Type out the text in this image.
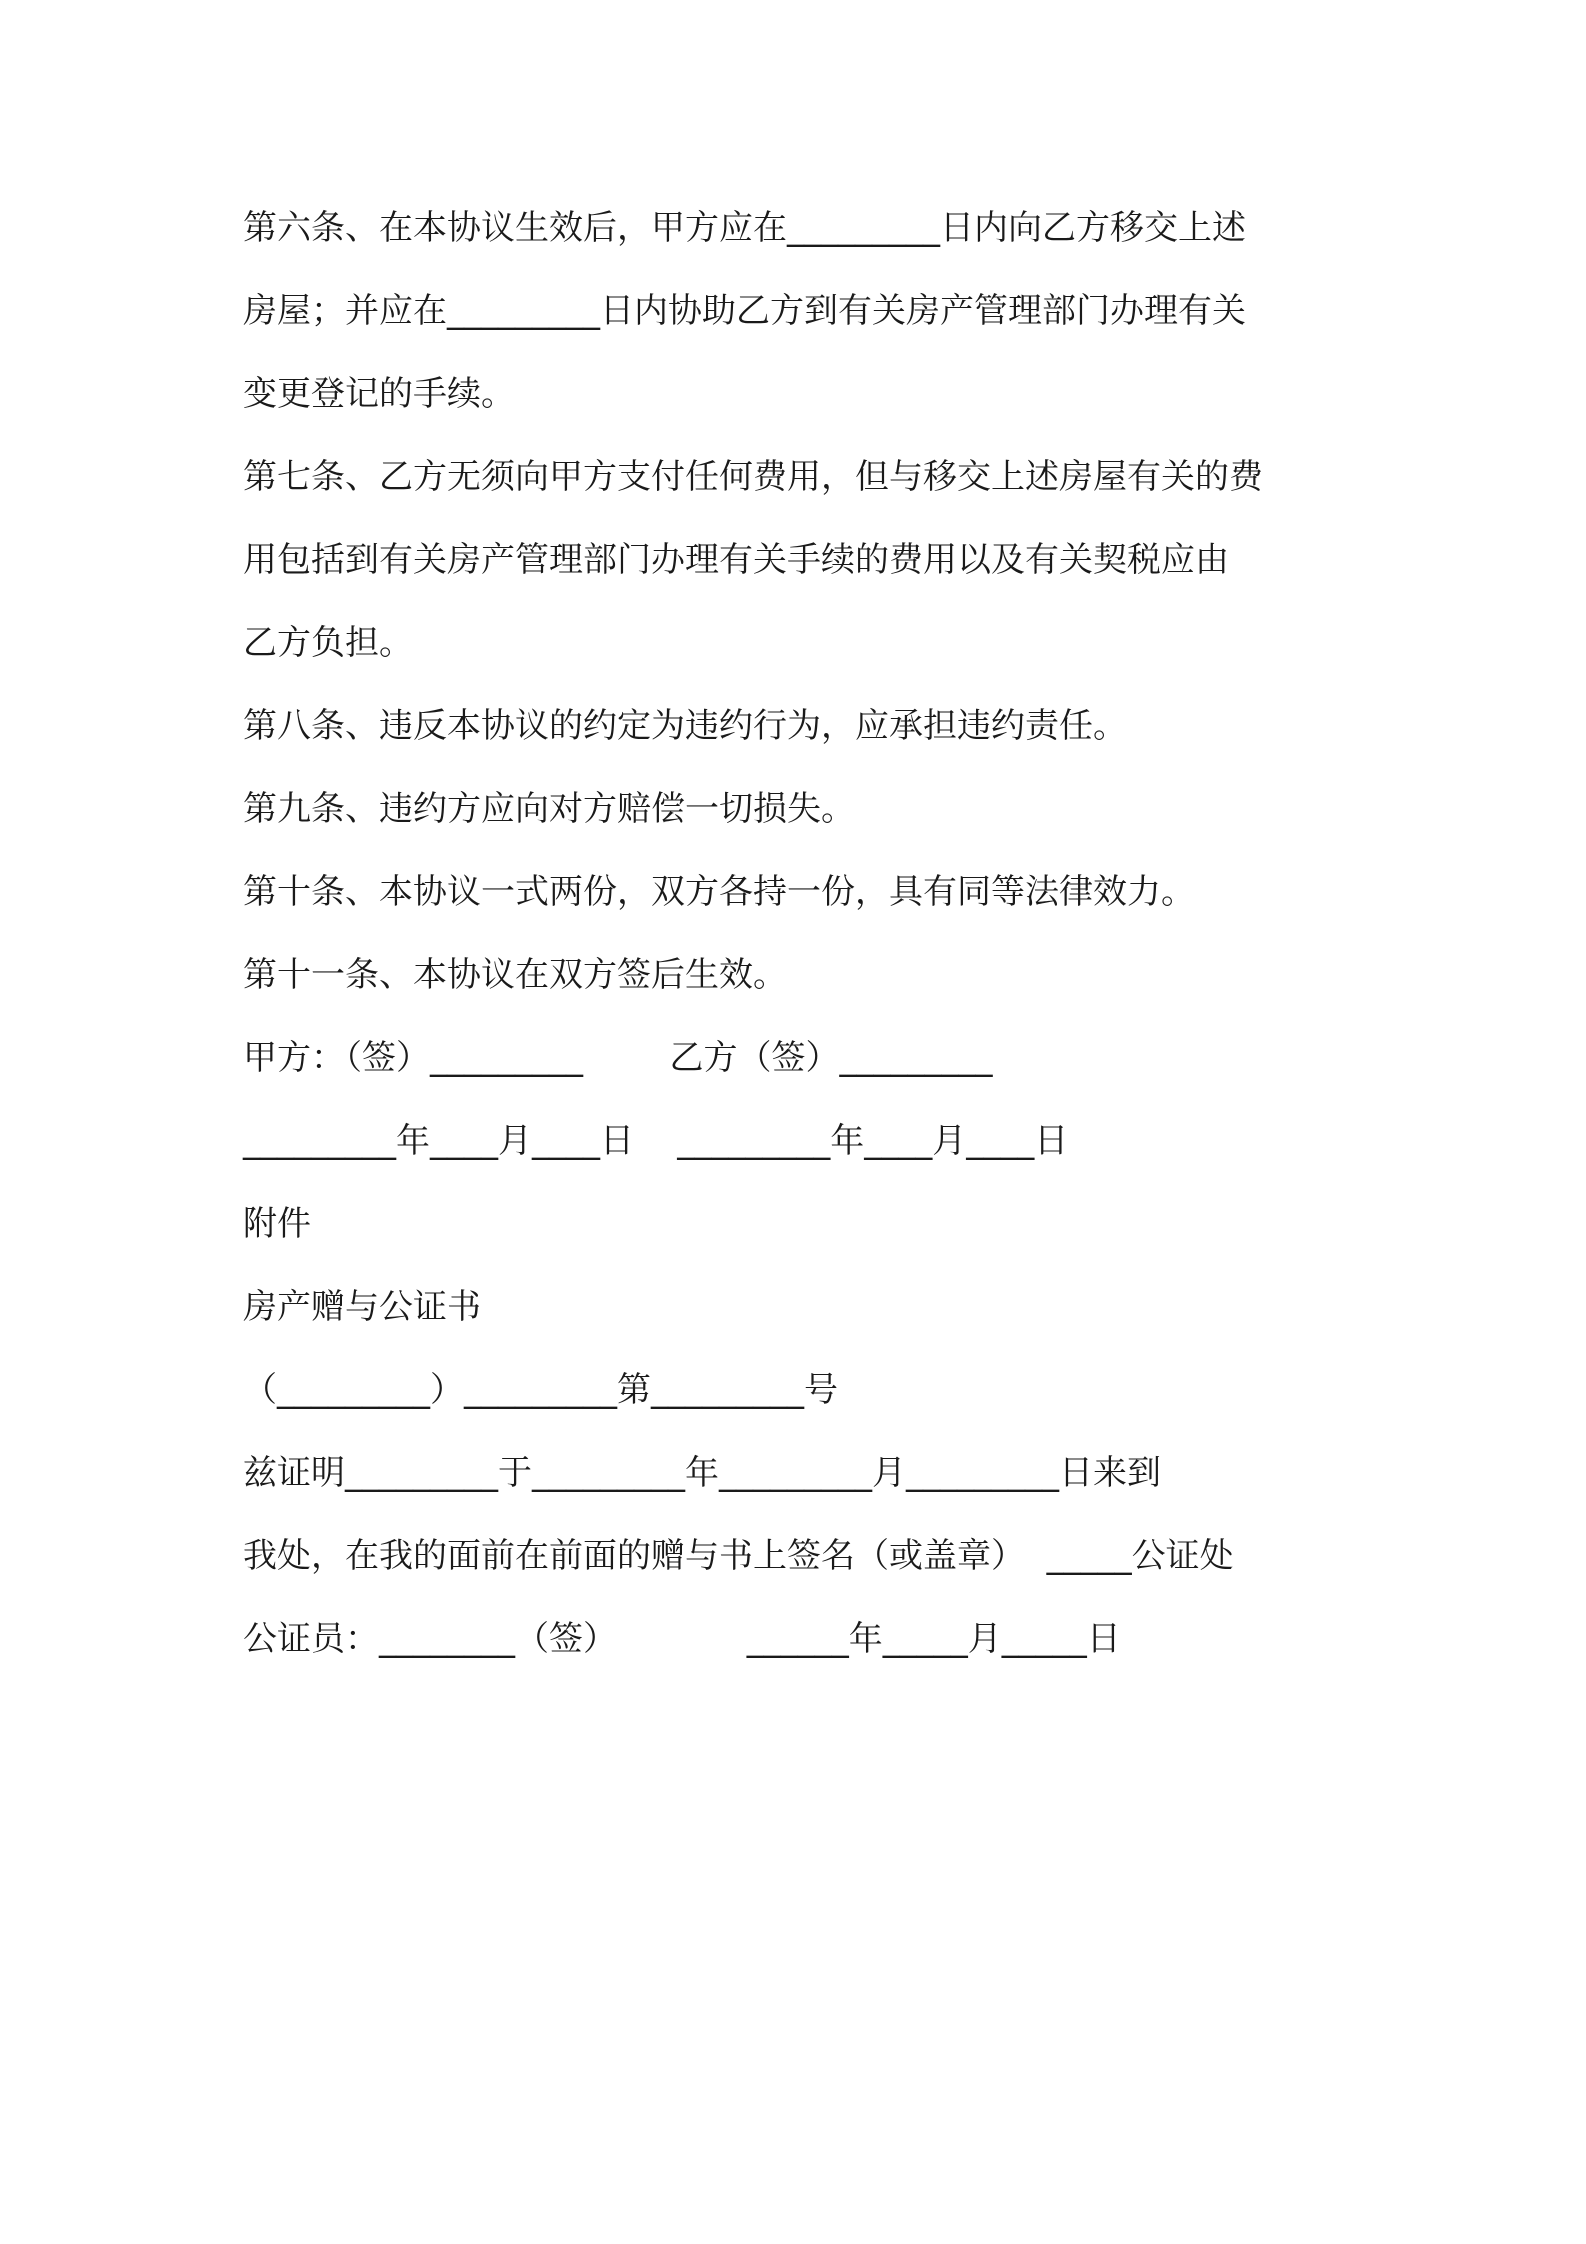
第六条、在本协议生效后，甲方应在_________日内向乙方移交上述
房屋；并应在_________日内协助乙方到有关房产管理部门办理有关
变更登记的手续。
第七条、乙方无须向甲方支付任何费用，但与移交上述房屋有关的费
用包括到有关房产管理部门办理有关手续的费用以及有关契税应由
乙方负担。
第八条、违反本协议的约定为违约行为，应承担违约责任。
第九条、违约方应向对方赔偿一切损失。
第十条、本协议一式两份，双方各持一份，具有同等法律效力。
第十一条、本协议在双方签后生效。
甲方：（签）_________        乙方（签）_________
_________年____月____日    _________年____月____日
附件
房产赠与公证书
（_________）_________第_________号
兹证明_________于_________年_________月_________日来到
我处，在我的面前在前面的赠与书上签名（或盖章）  _____公证处
公证员：________（签）            ______年_____月_____日
